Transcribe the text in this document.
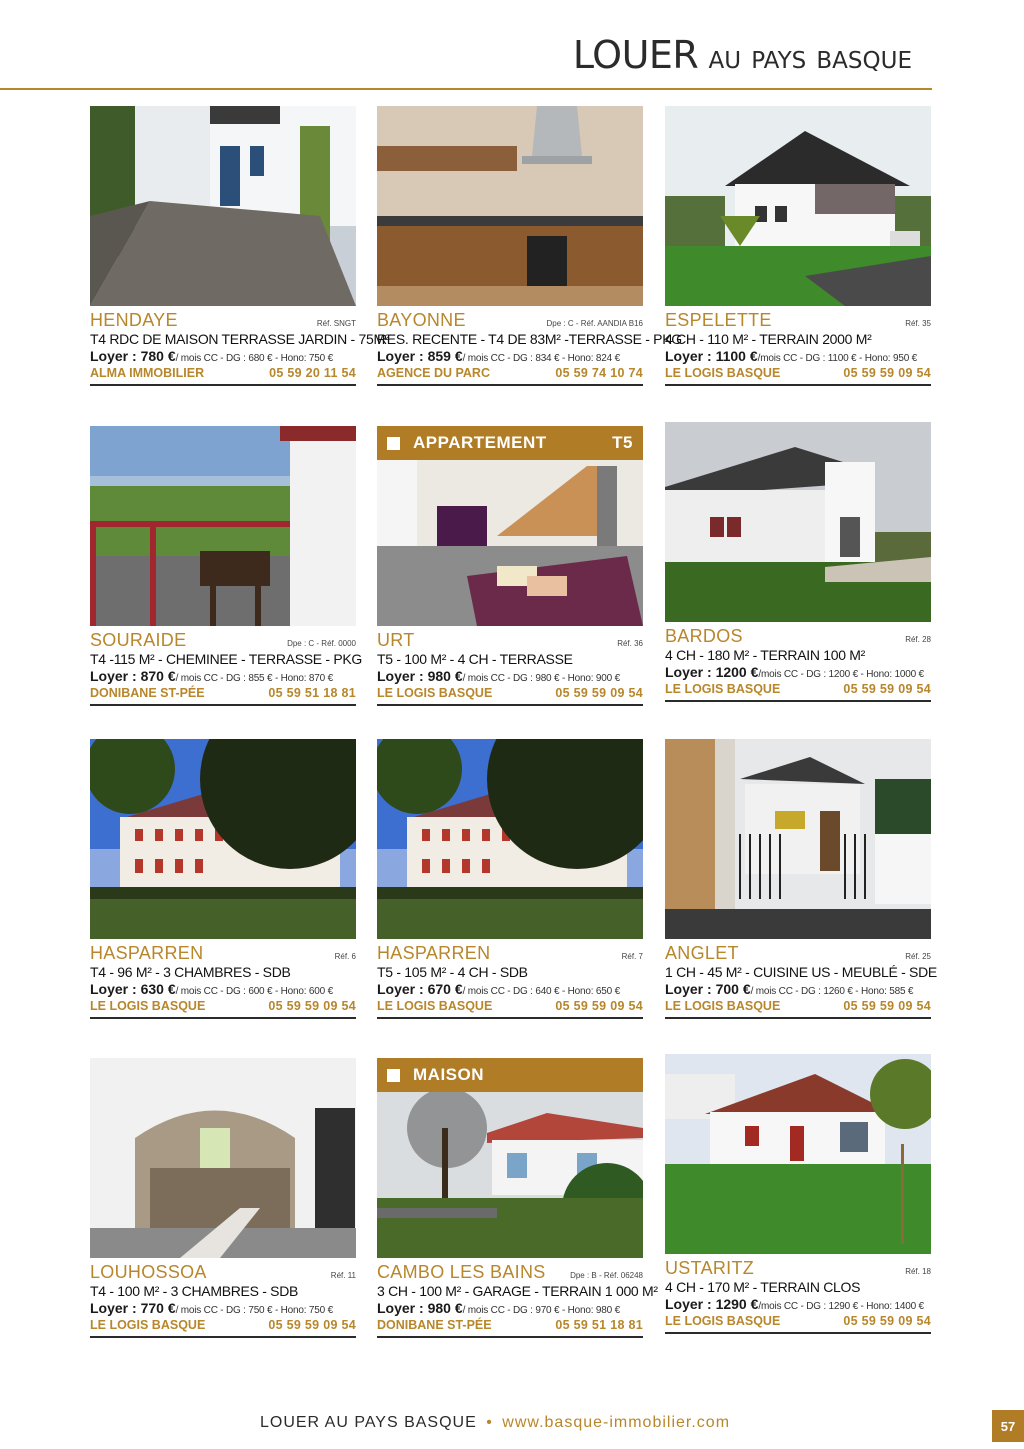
LOUER AU PAYS BASQUE
HENDAYE	Réf. SNGT
T4 RDC DE MAISON TERRASSE JARDIN - 75M²
Loyer : 780 €/ mois CC - DG : 680 € - Hono: 750 €
ALMA IMMOBILIER	05 59 20 11 54
BAYONNE	Dpe : C - Réf. AANDIA B16
RES. RECENTE - T4 DE 83M² -TERRASSE - PKG
Loyer : 859 €/ mois CC - DG : 834 € - Hono: 824 €
AGENCE DU PARC	05 59 74 10 74
ESPELETTE	Réf. 35
4 CH - 110 M² - TERRAIN 2000 M²
Loyer : 1100 €/mois CC - DG : 1100 € - Hono: 950 €
LE LOGIS BASQUE	05 59 59 09 54
SOURAIDE	Dpe : C - Réf. 0000
T4 -115 M² - CHEMINEE - TERRASSE - PKG
Loyer : 870 €/ mois CC - DG : 855 € - Hono: 870 €
DONIBANE ST-PÉE	05 59 51 18 81
APPARTEMENT	T5
URT	Réf. 36
T5 - 100 M² - 4 CH - TERRASSE
Loyer : 980 €/ mois CC - DG : 980 € - Hono: 900 €
LE LOGIS BASQUE	05 59 59 09 54
BARDOS	Réf. 28
4 CH - 180 M² - TERRAIN 100 M²
Loyer : 1200 €/mois CC - DG : 1200 € - Hono: 1000 €
LE LOGIS BASQUE	05 59 59 09 54
HASPARREN	Réf. 6
T4 - 96 M² - 3 CHAMBRES - SDB
Loyer : 630 €/ mois CC - DG : 600 € - Hono: 600 €
LE LOGIS BASQUE	05 59 59 09 54
HASPARREN	Réf. 7
T5 - 105 M² - 4 CH - SDB
Loyer : 670 €/ mois CC - DG : 640 € - Hono: 650 €
LE LOGIS BASQUE	05 59 59 09 54
ANGLET	Réf. 25
1 CH - 45 M² - CUISINE US - MEUBLÉ - SDE
Loyer : 700 €/ mois CC - DG : 1260 € - Hono: 585 €
LE LOGIS BASQUE	05 59 59 09 54
LOUHOSSOA	Réf. 11
T4 - 100 M² - 3 CHAMBRES - SDB
Loyer : 770 €/ mois CC - DG : 750 € - Hono: 750 €
LE LOGIS BASQUE	05 59 59 09 54
MAISON
CAMBO LES BAINS	Dpe : B - Réf. 06248
3 CH - 100 M² - GARAGE - TERRAIN 1 000 M²
Loyer : 980 €/ mois CC - DG : 970 € - Hono: 980 €
DONIBANE ST-PÉE	05 59 51 18 81
USTARITZ	Réf. 18
4 CH - 170 M² - TERRAIN CLOS
Loyer : 1290 €/mois CC - DG : 1290 € - Hono: 1400 €
LE LOGIS BASQUE	05 59 59 09 54
LOUER AU PAYS BASQUE • www.basque-immobilier.com	57
